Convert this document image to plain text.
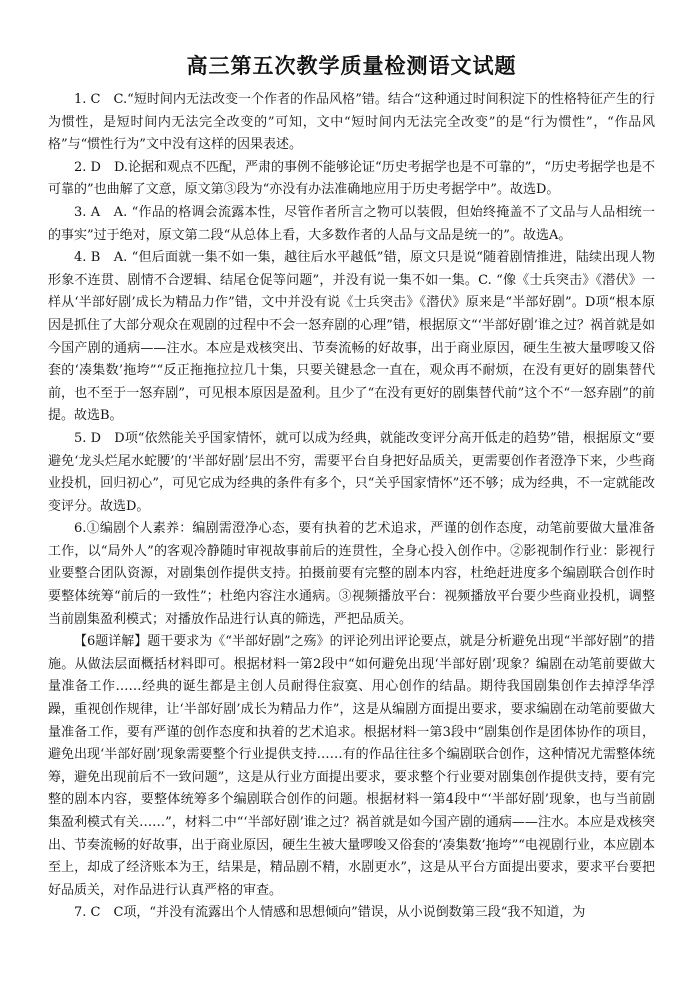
高三第五次教学质量检测语文试题

1. C　C.“短时间内无法改变一个作者的作品风格”错。结合“这种通过时间积淀下的性格特征产生的行为惯性，是短时间内无法完全改变的”可知，文中“短时间内无法完全改变”的是“行为惯性”，“作品风格”与“惯性行为”文中没有这样的因果表述。

2. D　D.论据和观点不匹配，严肃的事例不能够论证“历史考据学也是不可靠的”，“历史考据学也是不可靠的”也曲解了文意，原文第③段为“亦没有办法准确地应用于历史考据学中”。故选D。

3. A　A. “作品的格调会流露本性，尽管作者所言之物可以装假，但始终掩盖不了文品与人品相统一的事实”过于绝对，原文第二段“从总体上看，大多数作者的人品与文品是统一的”。故选A。

4. B　A. “但后面就一集不如一集，越往后水平越低”错，原文只是说“随着剧情推进，陆续出现人物形象不连贯、剧情不合逻辑、结尾仓促等问题”，并没有说一集不如一集。C. “像《士兵突击》《潜伏》一样从‘半部好剧’成长为精品力作”错，文中并没有说《士兵突击》《潜伏》原来是“半部好剧”。D项“根本原因是抓住了大部分观众在观剧的过程中不会一怒弃剧的心理”错，根据原文“‘半部好剧’谁之过？祸首就是如今国产剧的通病——注水。本应是戏核突出、节奏流畅的好故事，出于商业原因，硬生生被大量啰唆又俗套的‘凑集数’拖垮”“反正拖拖拉拉几十集，只要关键悬念一直在，观众再不耐烦，在没有更好的剧集替代前，也不至于一怒弃剧”，可见根本原因是盈利。且少了“在没有更好的剧集替代前”这个不“一怒弃剧”的前提。故选B。

5. D　D项“依然能关乎国家情怀，就可以成为经典，就能改变评分高开低走的趋势”错，根据原文“要避免‘龙头烂尾水蛇腰’的‘半部好剧’层出不穷，需要平台自身把好品质关，更需要创作者澄净下来，少些商业投机，回归初心”，可见它成为经典的条件有多个，只“关乎国家情怀”还不够；成为经典，不一定就能改变评分。故选D。

6.①编剧个人素养：编剧需澄净心态，要有执着的艺术追求，严谨的创作态度，动笔前要做大量准备工作，以“局外人”的客观冷静随时审视故事前后的连贯性，全身心投入创作中。②影视制作行业：影视行业要整合团队资源，对剧集创作提供支持。拍摄前要有完整的剧本内容，杜绝赶进度多个编剧联合创作时要整体统筹“前后的一致性”；杜绝内容注水通病。③视频播放平台：视频播放平台要少些商业投机，调整当前剧集盈利模式；对播放作品进行认真的筛选，严把品质关。

【6题详解】题干要求为《“半部好剧”之殇》的评论列出评论要点，就是分析避免出现“半部好剧”的措施。从做法层面概括材料即可。根据材料一第2段中“如何避免出现‘半部好剧’现象？编剧在动笔前要做大量准备工作……经典的诞生都是主创人员耐得住寂寞、用心创作的结晶。期待我国剧集创作去掉浮华浮躁，重视创作规律，让‘半部好剧’成长为精品力作”，这是从编剧方面提出要求，要求编剧在动笔前要做大量准备工作，要有严谨的创作态度和执着的艺术追求。根据材料一第3段中“剧集创作是团体协作的项目，避免出现‘半部好剧’现象需要整个行业提供支持……有的作品往往多个编剧联合创作，这种情况尤需整体统筹，避免出现前后不一致问题”，这是从行业方面提出要求，要求整个行业要对剧集创作提供支持，要有完整的剧本内容，要整体统筹多个编剧联合创作的问题。根据材料一第4段中“‘半部好剧’现象，也与当前剧集盈利模式有关……”，材料二中“‘半部好剧’谁之过？祸首就是如今国产剧的通病——注水。本应是戏核突出、节奏流畅的好故事，出于商业原因，硬生生被大量啰唆又俗套的‘凑集数’拖垮”“电视剧行业，本应剧本至上，却成了经济账本为王，结果是，精品剧不精，水剧更水”，这是从平台方面提出要求，要求平台要把好品质关，对作品进行认真严格的审查。

7. C　C项，“并没有流露出个人情感和思想倾向”错误，从小说倒数第三段“我不知道，为
